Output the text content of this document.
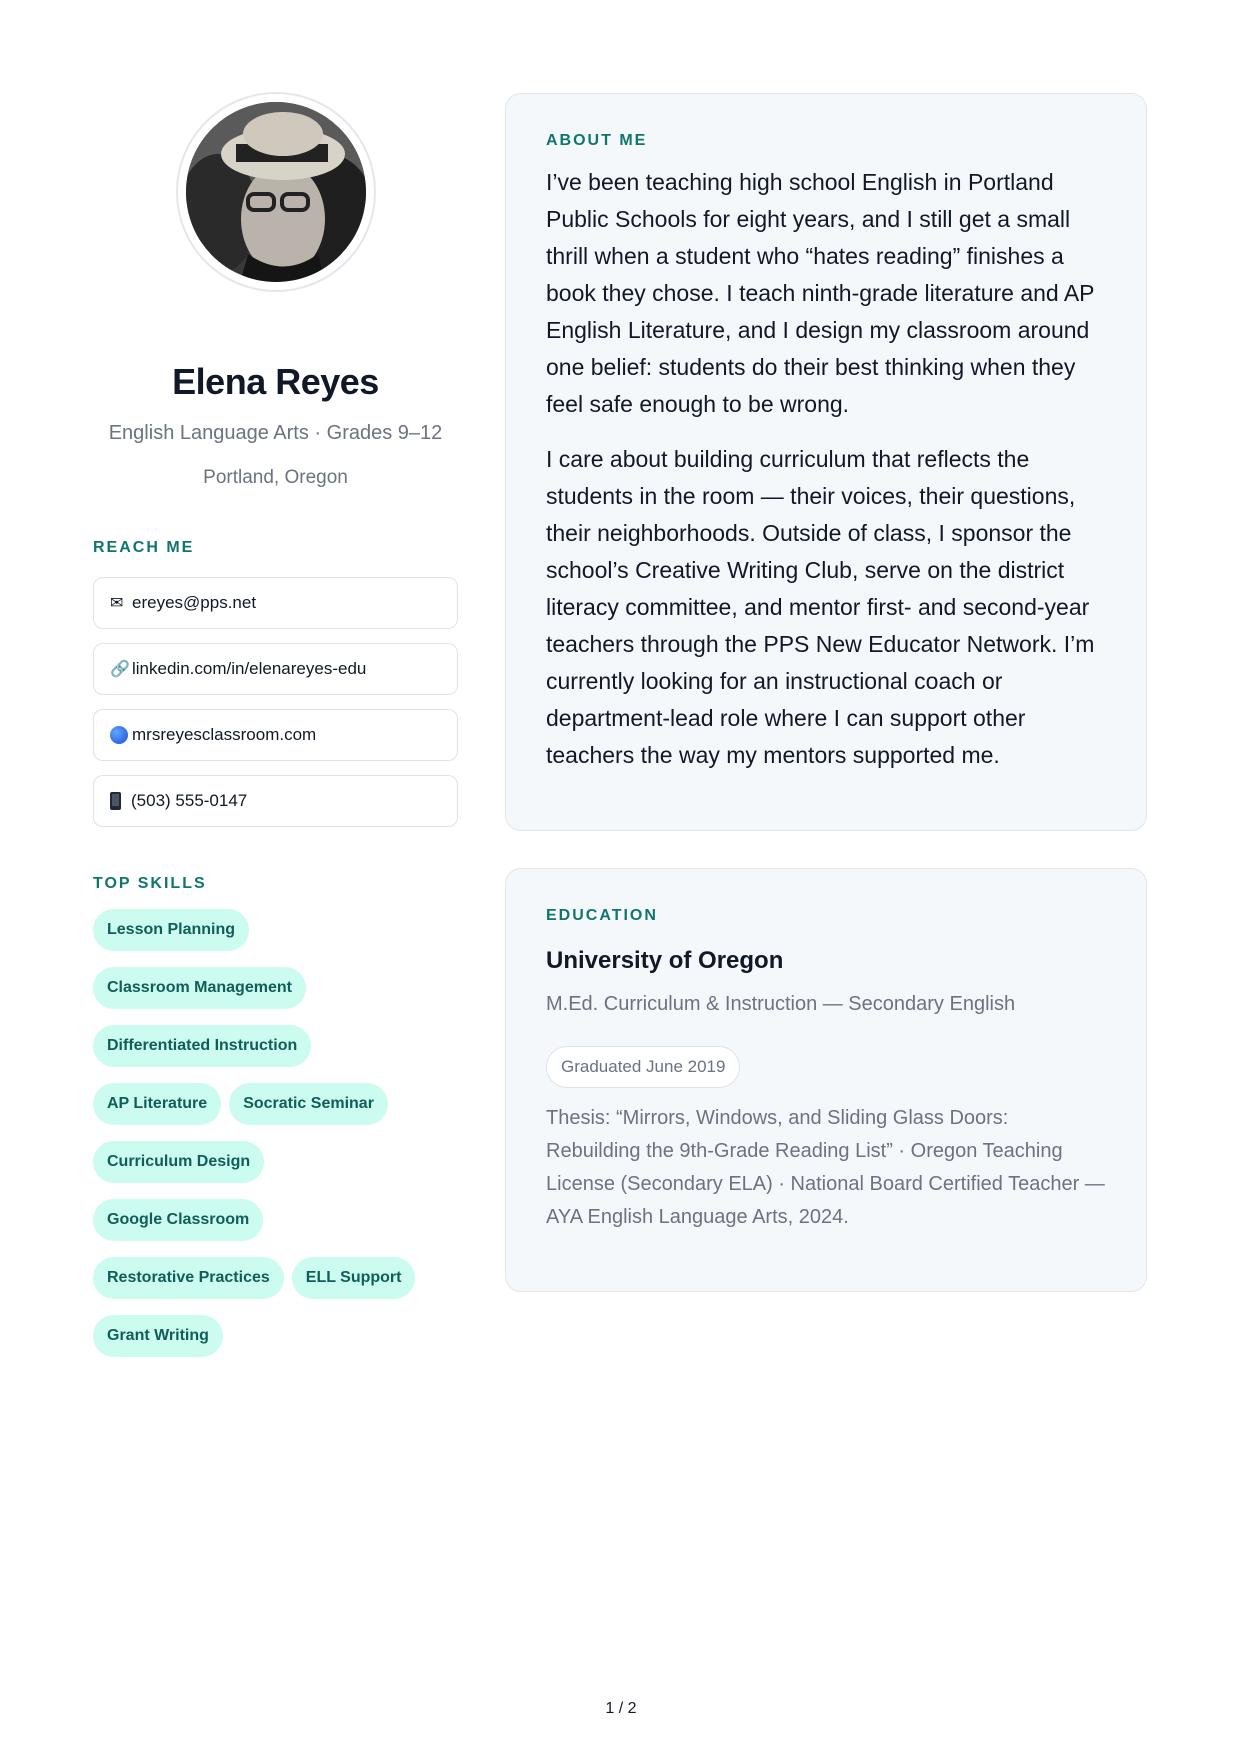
Elena Reyes
English Language Arts · Grades 9–12
Portland, Oregon
REACH ME
✉ ereyes@pps.net
🔗 linkedin.com/in/elenareyes-edu
mrsreyesclassroom.com
(503) 555-0147
TOP SKILLS
Lesson Planning
Classroom Management
Differentiated Instruction
AP Literature	Socratic Seminar
Curriculum Design
Google Classroom
Restorative Practices	ELL Support
Grant Writing
ABOUT ME

I’ve been teaching high school English in Portland Public Schools for eight years, and I still get a small thrill when a student who “hates reading” finishes a book they chose. I teach ninth-grade literature and AP English Literature, and I design my classroom around one belief: students do their best thinking when they feel safe enough to be wrong.

I care about building curriculum that reflects the students in the room — their voices, their questions, their neighborhoods. Outside of class, I sponsor the school’s Creative Writing Club, serve on the district literacy committee, and mentor first- and second-year teachers through the PPS New Educator Network. I’m currently looking for an instructional coach or department-lead role where I can support other teachers the way my mentors supported me.

EDUCATION
University of Oregon
M.Ed. Curriculum & Instruction — Secondary English
Graduated June 2019
Thesis: “Mirrors, Windows, and Sliding Glass Doors: Rebuilding the 9th-Grade Reading List” · Oregon Teaching License (Secondary ELA) · National Board Certified Teacher — AYA English Language Arts, 2024.
1 / 2
